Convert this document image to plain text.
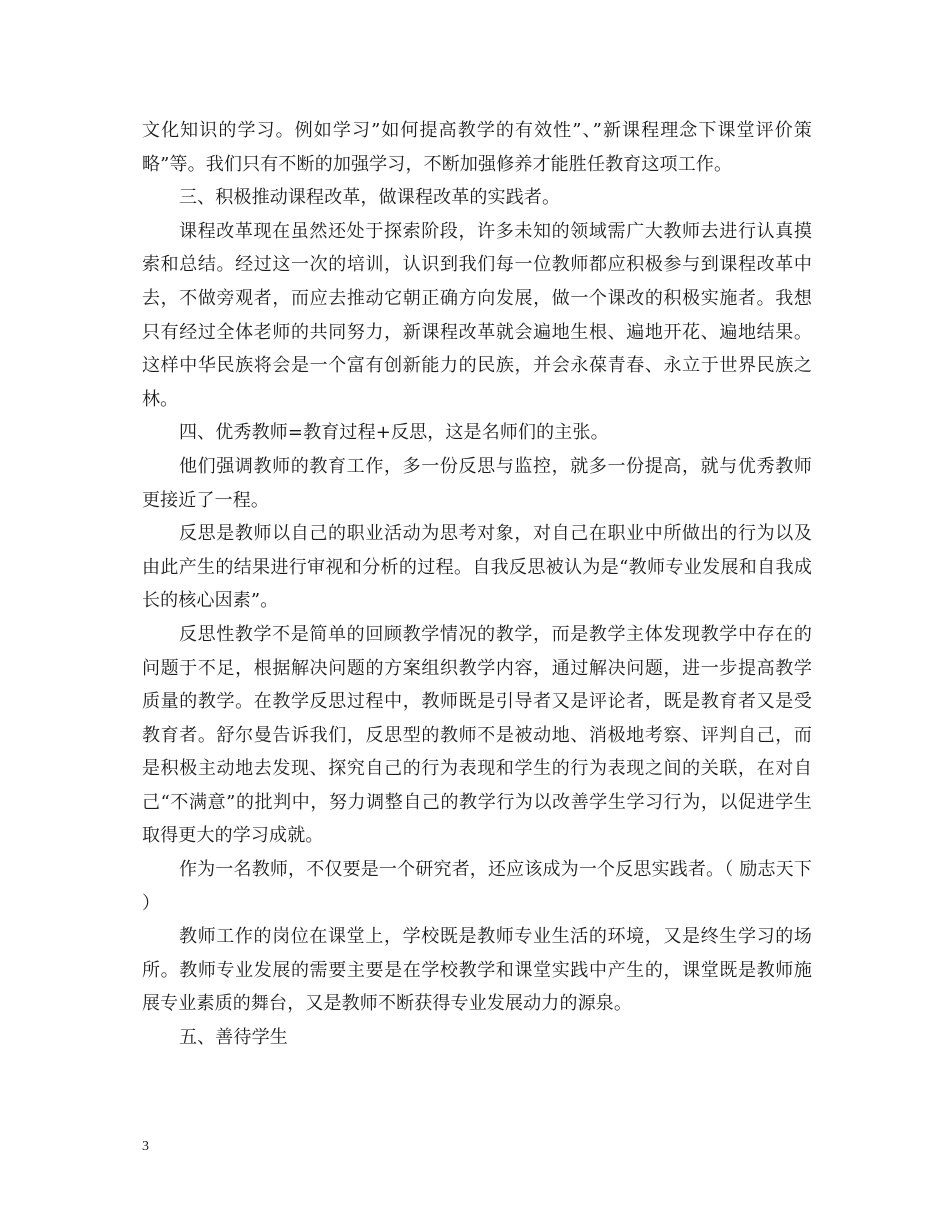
文化知识的学习。例如学习”如何提高教学的有效性”、”新课程理念下课堂评价策略”等。我们只有不断的加强学习，不断加强修养才能胜任教育这项工作。

三、积极推动课程改革，做课程改革的实践者。

课程改革现在虽然还处于探索阶段，许多未知的领域需广大教师去进行认真摸索和总结。经过这一次的培训，认识到我们每一位教师都应积极参与到课程改革中去，不做旁观者，而应去推动它朝正确方向发展，做一个课改的积极实施者。我想只有经过全体老师的共同努力，新课程改革就会遍地生根、遍地开花、遍地结果。这样中华民族将会是一个富有创新能力的民族，并会永葆青春、永立于世界民族之林。

四、优秀教师=教育过程+反思，这是名师们的主张。

他们强调教师的教育工作，多一份反思与监控，就多一份提高，就与优秀教师更接近了一程。

反思是教师以自己的职业活动为思考对象，对自己在职业中所做出的行为以及由此产生的结果进行审视和分析的过程。自我反思被认为是“教师专业发展和自我成长的核心因素”。

反思性教学不是简单的回顾教学情况的教学，而是教学主体发现教学中存在的问题于不足，根据解决问题的方案组织教学内容，通过解决问题，进一步提高教学质量的教学。在教学反思过程中，教师既是引导者又是评论者，既是教育者又是受教育者。舒尔曼告诉我们，反思型的教师不是被动地、消极地考察、评判自己，而是积极主动地去发现、探究自己的行为表现和学生的行为表现之间的关联，在对自己“不满意”的批判中，努力调整自己的教学行为以改善学生学习行为，以促进学生取得更大的学习成就。

作为一名教师，不仅要是一个研究者，还应该成为一个反思实践者。（ 励志天下 ）

教师工作的岗位在课堂上，学校既是教师专业生活的环境，又是终生学习的场所。教师专业发展的需要主要是在学校教学和课堂实践中产生的，课堂既是教师施展专业素质的舞台，又是教师不断获得专业发展动力的源泉。

五、善待学生

3
